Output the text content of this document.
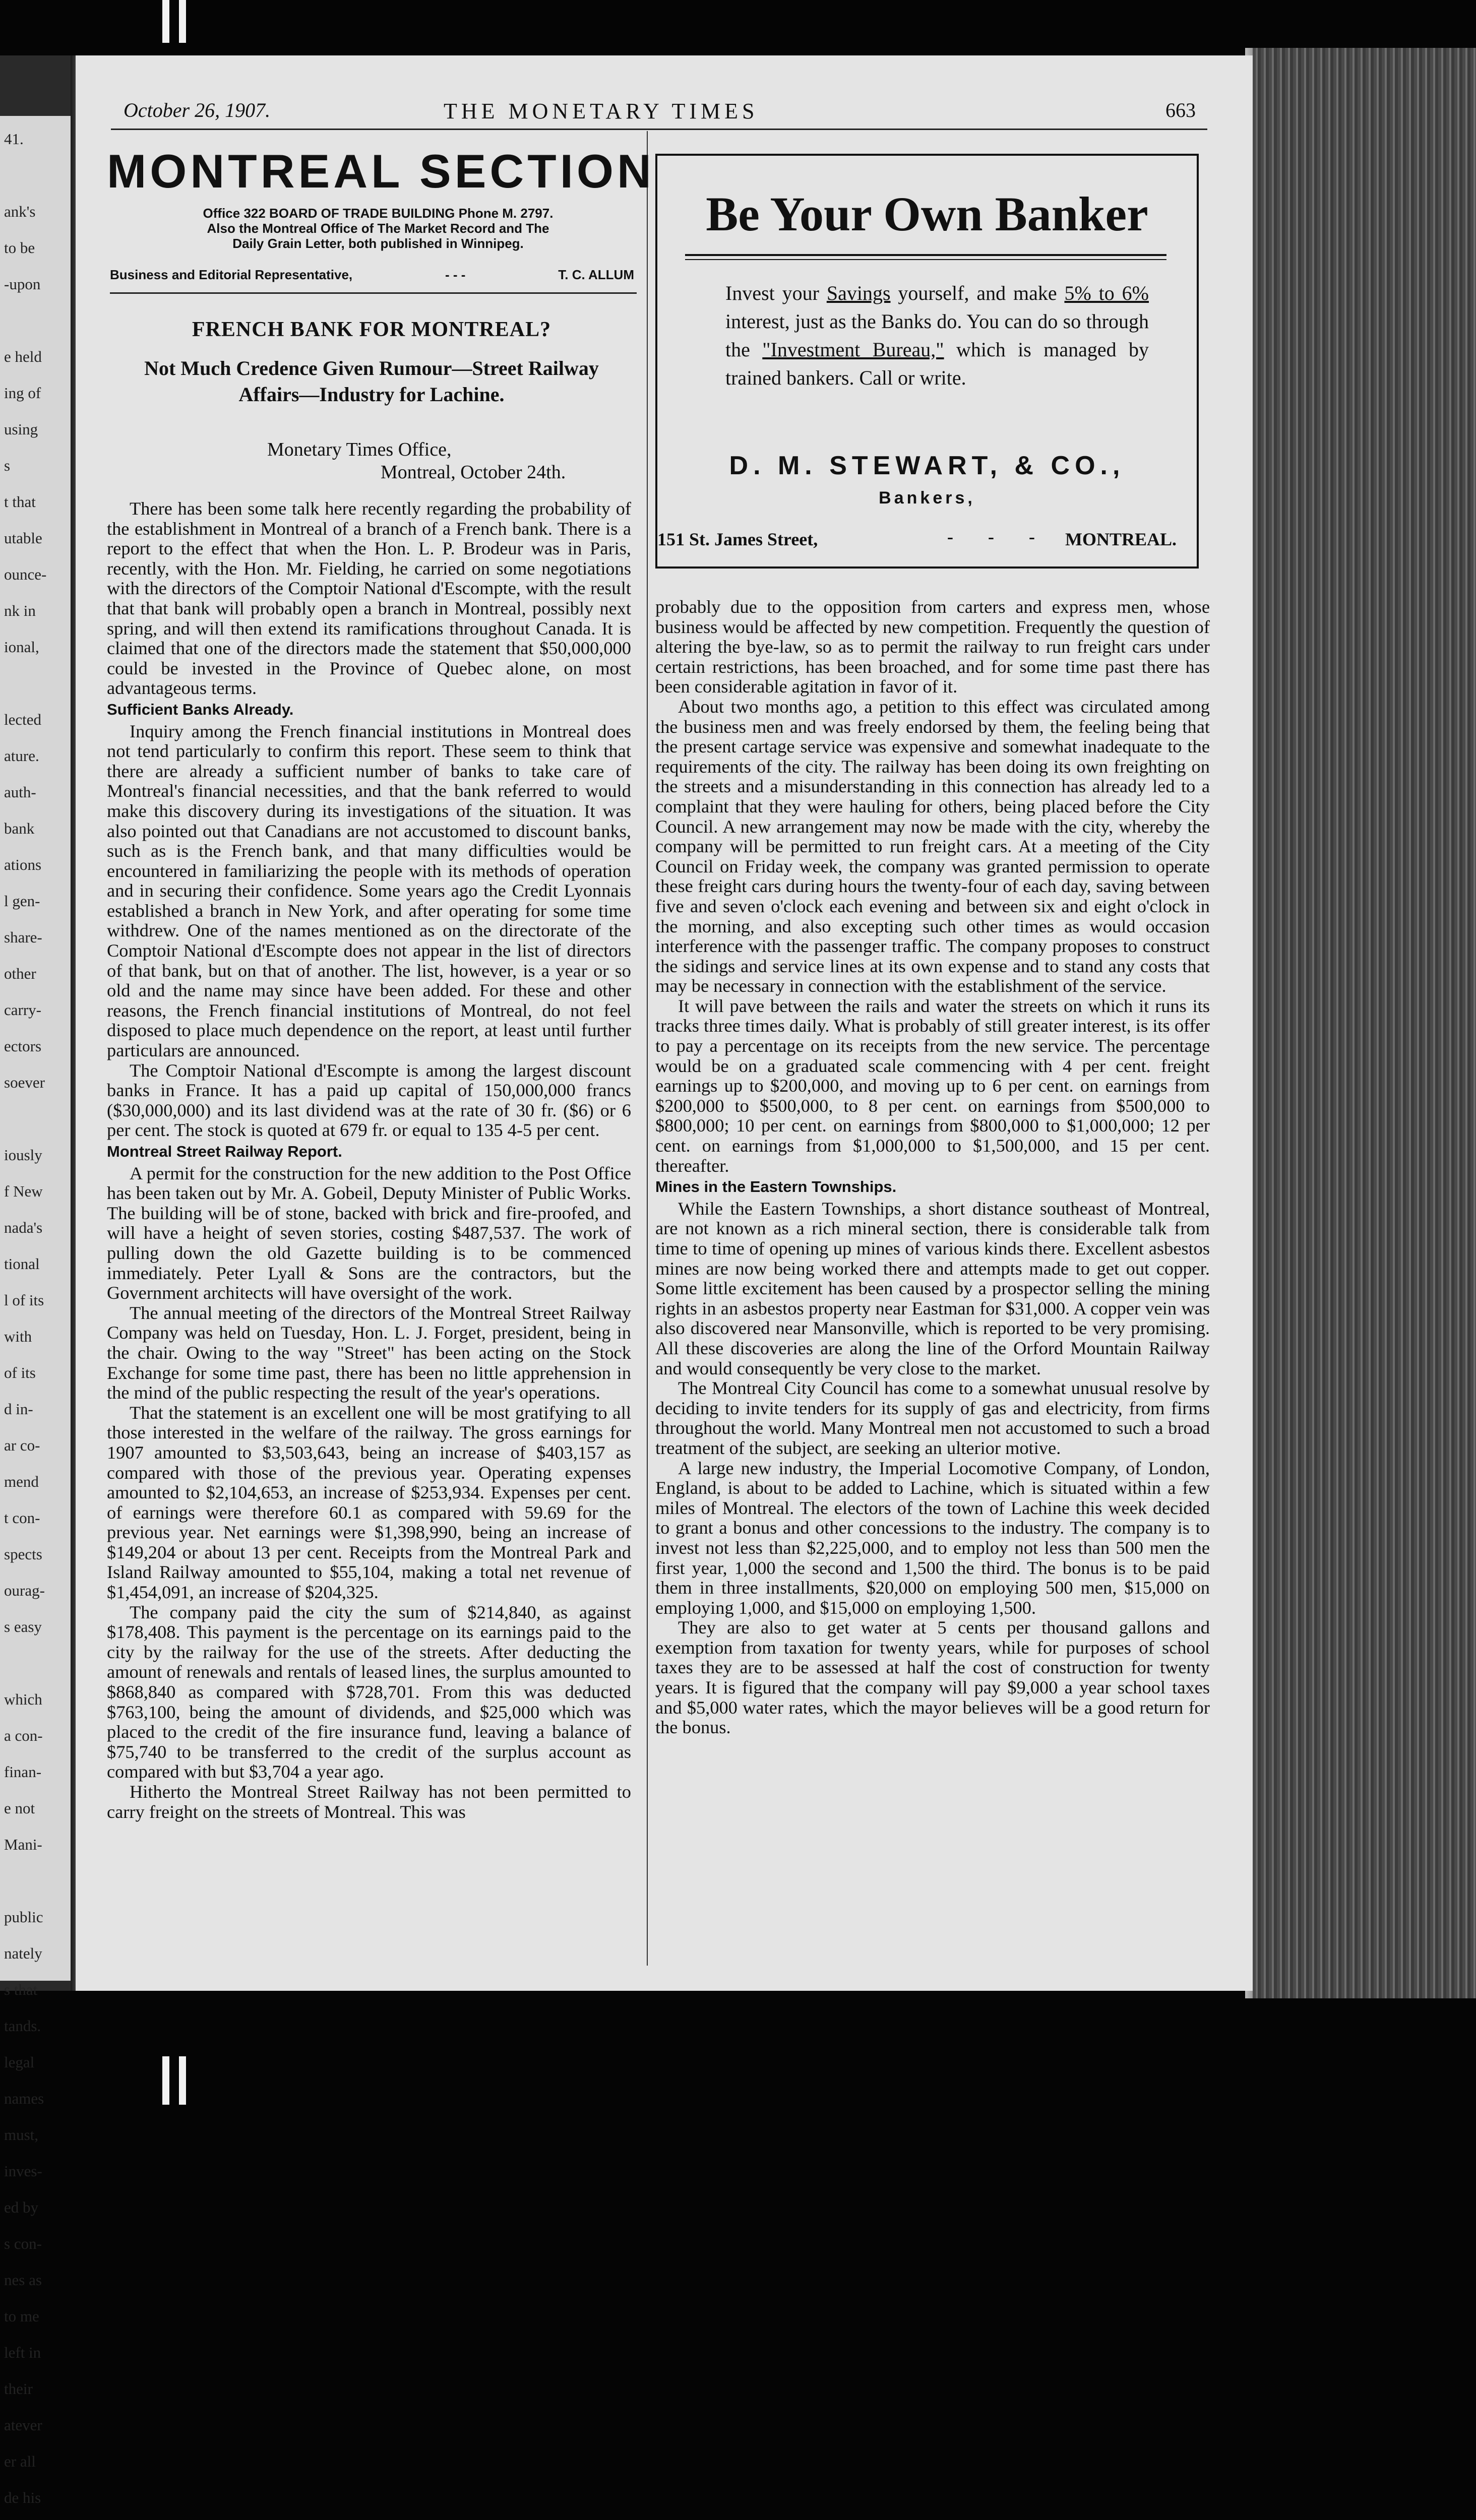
41.

ank's
to be
-upon

e held
ing of
using
s
t that
utable
ounce-
nk in
ional,

lected
ature.
auth-
bank
ations
l gen-
share-
other
carry-
ectors
soever

iously
f New
nada's
tional
l of its
with
of its
d in-
ar co-
mend
t con-
spects
ourag-
s easy

which
a con-
finan-
e not
Mani-

public
nately
s that
tands.
legal
names
must,
inves-
ed by
s con-
nes as
to me
left in
their
atever
er all
de his

October 26, 1907.	THE MONETARY TIMES	663
MONTREAL SECTION
Office 322 BOARD OF TRADE BUILDING Phone M. 2797.
Also the Montreal Office of The Market Record and The
Daily Grain Letter, both published in Winnipeg.
Business and Editorial Representative,	- - -	T. C. ALLUM
FRENCH BANK FOR MONTREAL?
Not Much Credence Given Rumour—Street Railway
Affairs—Industry for Lachine.
Monetary Times Office,
Montreal, October 24th.

There has been some talk here recently regarding the probability of the establishment in Montreal of a branch of a French bank. There is a report to the effect that when the Hon. L. P. Brodeur was in Paris, recently, with the Hon. Mr. Fielding, he carried on some negotiations with the directors of the Comptoir National d'Escompte, with the result that that bank will probably open a branch in Montreal, possibly next spring, and will then extend its ramifications throughout Canada. It is claimed that one of the directors made the statement that $50,000,000 could be invested in the Province of Quebec alone, on most advantageous terms.

Sufficient Banks Already.

Inquiry among the French financial institutions in Montreal does not tend particularly to confirm this report. These seem to think that there are already a sufficient number of banks to take care of Montreal's financial necessities, and that the bank referred to would make this discovery during its investigations of the situation. It was also pointed out that Canadians are not accustomed to discount banks, such as is the French bank, and that many difficulties would be encountered in familiarizing the people with its methods of operation and in securing their confidence. Some years ago the Credit Lyonnais established a branch in New York, and after operating for some time withdrew. One of the names mentioned as on the directorate of the Comptoir National d'Escompte does not appear in the list of directors of that bank, but on that of another. The list, however, is a year or so old and the name may since have been added. For these and other reasons, the French financial institutions of Montreal, do not feel disposed to place much dependence on the report, at least until further particulars are announced.

The Comptoir National d'Escompte is among the largest discount banks in France. It has a paid up capital of 150,000,000 francs ($30,000,000) and its last dividend was at the rate of 30 fr. ($6) or 6 per cent. The stock is quoted at 679 fr. or equal to 135 4-5 per cent.

Montreal Street Railway Report.

A permit for the construction for the new addition to the Post Office has been taken out by Mr. A. Gobeil, Deputy Minister of Public Works. The building will be of stone, backed with brick and fire-proofed, and will have a height of seven stories, costing $487,537. The work of pulling down the old Gazette building is to be commenced immediately. Peter Lyall & Sons are the contractors, but the Government architects will have oversight of the work.

The annual meeting of the directors of the Montreal Street Railway Company was held on Tuesday, Hon. L. J. Forget, president, being in the chair. Owing to the way "Street" has been acting on the Stock Exchange for some time past, there has been no little apprehension in the mind of the public respecting the result of the year's operations.

That the statement is an excellent one will be most gratifying to all those interested in the welfare of the railway. The gross earnings for 1907 amounted to $3,503,643, being an increase of $403,157 as compared with those of the previous year. Operating expenses amounted to $2,104,653, an increase of $253,934. Expenses per cent. of earnings were therefore 60.1 as compared with 59.69 for the previous year. Net earnings were $1,398,990, being an increase of $149,204 or about 13 per cent. Receipts from the Montreal Park and Island Railway amounted to $55,104, making a total net revenue of $1,454,091, an increase of $204,325.

The company paid the city the sum of $214,840, as against $178,408. This payment is the percentage on its earnings paid to the city by the railway for the use of the streets. After deducting the amount of renewals and rentals of leased lines, the surplus amounted to $868,840 as compared with $728,701. From this was deducted $763,100, being the amount of dividends, and $25,000 which was placed to the credit of the fire insurance fund, leaving a balance of $75,740 to be transferred to the credit of the surplus account as compared with but $3,704 a year ago.

Hitherto the Montreal Street Railway has not been permitted to carry freight on the streets of Montreal. This was

Be Your Own Banker
Invest your Savings yourself, and make 5% to 6% interest, just as the Banks do. You can do so through the "Investment Bureau," which is managed by trained bankers. Call or write.
D. M. STEWART, & CO.,
Bankers,
151 St. James Street,	- - - MONTREAL.

probably due to the opposition from carters and express men, whose business would be affected by new competition. Frequently the question of altering the bye-law, so as to permit the railway to run freight cars under certain restrictions, has been broached, and for some time past there has been considerable agitation in favor of it.

About two months ago, a petition to this effect was circulated among the business men and was freely endorsed by them, the feeling being that the present cartage service was expensive and somewhat inadequate to the requirements of the city. The railway has been doing its own freighting on the streets and a misunderstanding in this connection has already led to a complaint that they were hauling for others, being placed before the City Council. A new arrangement may now be made with the city, whereby the company will be permitted to run freight cars. At a meeting of the City Council on Friday week, the company was granted permission to operate these freight cars during hours the twenty-four of each day, saving between five and seven o'clock each evening and between six and eight o'clock in the morning, and also excepting such other times as would occasion interference with the passenger traffic. The company proposes to construct the sidings and service lines at its own expense and to stand any costs that may be necessary in connection with the establishment of the service.

It will pave between the rails and water the streets on which it runs its tracks three times daily. What is probably of still greater interest, is its offer to pay a percentage on its receipts from the new service. The percentage would be on a graduated scale commencing with 4 per cent. freight earnings up to $200,000, and moving up to 6 per cent. on earnings from $200,000 to $500,000, to 8 per cent. on earnings from $500,000 to $800,000; 10 per cent. on earnings from $800,000 to $1,000,000; 12 per cent. on earnings from $1,000,000 to $1,500,000, and 15 per cent. thereafter.

Mines in the Eastern Townships.

While the Eastern Townships, a short distance southeast of Montreal, are not known as a rich mineral section, there is considerable talk from time to time of opening up mines of various kinds there. Excellent asbestos mines are now being worked there and attempts made to get out copper. Some little excitement has been caused by a prospector selling the mining rights in an asbestos property near Eastman for $31,000. A copper vein was also discovered near Mansonville, which is reported to be very promising. All these discoveries are along the line of the Orford Mountain Railway and would consequently be very close to the market.

The Montreal City Council has come to a somewhat unusual resolve by deciding to invite tenders for its supply of gas and electricity, from firms throughout the world. Many Montreal men not accustomed to such a broad treatment of the subject, are seeking an ulterior motive.

A large new industry, the Imperial Locomotive Company, of London, England, is about to be added to Lachine, which is situated within a few miles of Montreal. The electors of the town of Lachine this week decided to grant a bonus and other concessions to the industry. The company is to invest not less than $2,225,000, and to employ not less than 500 men the first year, 1,000 the second and 1,500 the third. The bonus is to be paid them in three installments, $20,000 on employing 500 men, $15,000 on employing 1,000, and $15,000 on employing 1,500.

They are also to get water at 5 cents per thousand gallons and exemption from taxation for twenty years, while for purposes of school taxes they are to be assessed at half the cost of construction for twenty years. It is figured that the company will pay $9,000 a year school taxes and $5,000 water rates, which the mayor believes will be a good return for the bonus.
